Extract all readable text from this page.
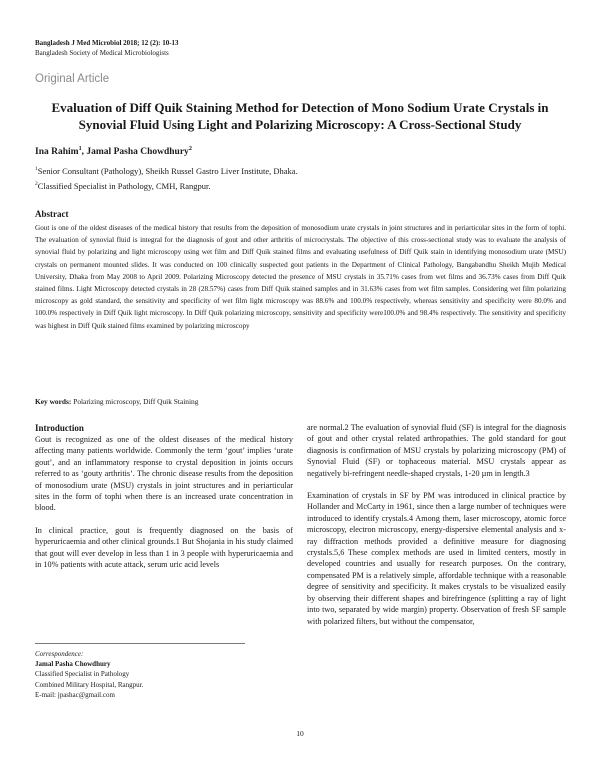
Bangladesh J Med Microbiol 2018; 12 (2): 10-13
Bangladesh Society of Medical Microbiologists
Original Article
Evaluation of Diff Quik Staining Method for Detection of Mono Sodium Urate Crystals in Synovial Fluid Using Light and Polarizing Microscopy: A Cross-Sectional Study
Ina Rahim$^1$, Jamal Pasha Chowdhury$^2$
$^1$Senior Consultant (Pathology), Sheikh Russel Gastro Liver Institute, Dhaka.
$^2$Classified Specialist in Pathology, CMH, Rangpur.
Abstract

Gout is one of the oldest diseases of the medical history that results from the deposition of monosodium urate crystals in joint structures and in periarticular sites in the form of tophi. The evaluation of synovial fluid is integral for the diagnosis of gout and other arthritis of microcrystals. The objective of this cross-sectional study was to evaluate the analysis of synovial fluid by polarizing and light microscopy using wet film and Diff Quik stained films and evaluating usefulness of Diff Quik stain in identifying monosodium urate (MSU) crystals on permanent mounted slides. It was conducted on 100 clinically suspected gout patients in the Department of Clinical Pathology, Bangabandhu Sheikh Mujib Medical University, Dhaka from May 2008 to April 2009. Polarizing Microscopy detected the presence of MSU crystals in 35.71% cases from wet films and 36.73% cases from Diff Quik stained films. Light Microscopy detected crystals in 28 (28.57%) cases from Diff Quik stained samples and in 31.63% cases from wet film samples. Considering wet film polarizing microscopy as gold standard, the sensitivity and specificity of wet film light microscopy was 88.6% and 100.0% respectively, whereas sensitivity and specificity were 80.0% and 100.0% respectively in Diff Quik light microscopy. In Diff Quik polarizing microscopy, sensitivity and specificity were100.0% and 98.4% respectively. The sensitivity and specificity was highest in Diff Quik stained films examined by polarizing microscopy

Key words: Polarizing microscopy, Diff Quik Staining
Introduction

Gout is recognized as one of the oldest diseases of the medical history affecting many patients worldwide. Commonly the term ‘gout’ implies ‘urate gout’, and an inflammatory response to crystal deposition in joints occurs referred to as ‘gouty arthritis’. The chronic disease results from the deposition of monosodium urate (MSU) crystals in joint structures and in periarticular sites in the form of tophi when there is an increased urate concentration in blood.

In clinical practice, gout is frequently diagnosed on the basis of hyperuricaemia and other clinical grounds.1 But Shojania in his study claimed that gout will ever develop in less than 1 in 3 people with hyperuricaemia and in 10% patients with acute attack, serum uric acid levels

are normal.2 The evaluation of synovial fluid (SF) is integral for the diagnosis of gout and other crystal related arthropathies. The gold standard for gout diagnosis is confirmation of MSU crystals by polarizing microscopy (PM) of Synovial Fluid (SF) or tophaceous material. MSU crystals appear as negatively bi-refringent needle-shaped crystals, 1-20 µm in length.3

Examination of crystals in SF by PM was introduced in clinical practice by Hollander and McCarty in 1961, since then a large number of techniques were introduced to identify crystals.4 Among them, laser microscopy, atomic force microscopy, electron microscopy, energy-dispersive elemental analysis and x-ray diffraction methods provided a definitive measure for diagnosing crystals.5,6 These complex methods are used in limited centers, mostly in developed countries and usually for research purposes. On the contrary, compensated PM is a relatively simple, affordable technique with a reasonable degree of sensitivity and specificity. It makes crystals to be visualized easily by observing their different shapes and birefringence (splitting a ray of light into two, separated by wide margin) property. Observation of fresh SF sample with polarized filters, but without the compensator,

Correspondence:
Jamal Pasha Chowdhury
Classified Specialist in Pathology
Combined Military Hospital, Rangpur.
E-mail: jpashac@gmail.com
10
